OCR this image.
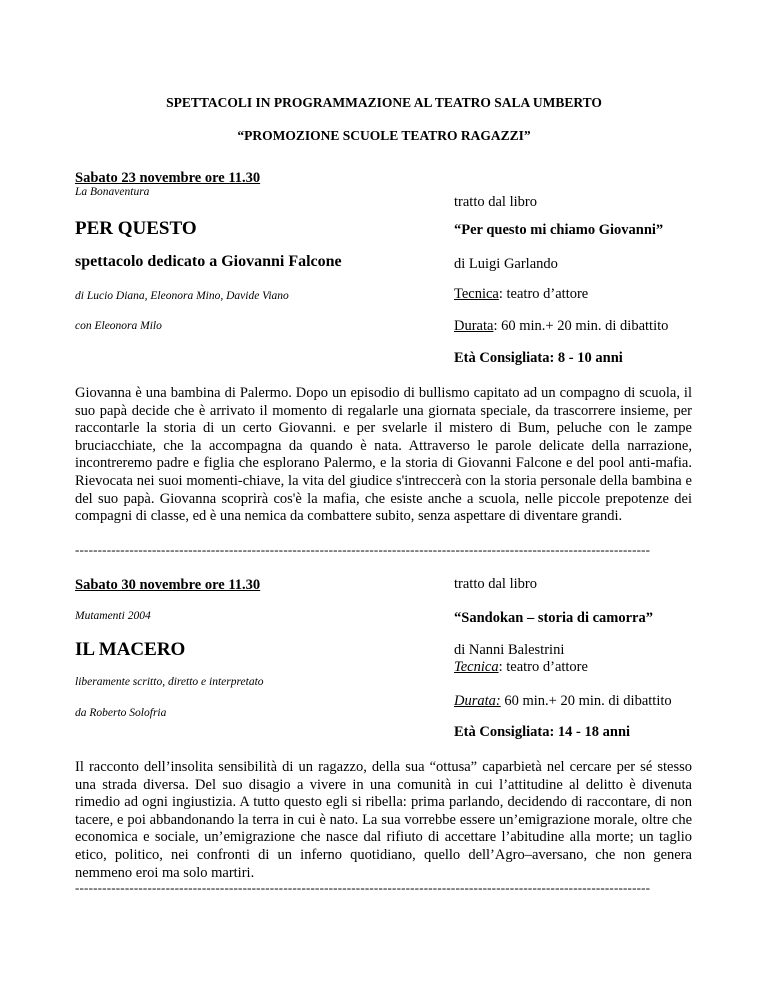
SPETTACOLI IN PROGRAMMAZIONE AL TEATRO SALA UMBERTO
“PROMOZIONE SCUOLE TEATRO RAGAZZI”
Sabato 23 novembre ore 11.30
La Bonaventura
PER QUESTO
spettacolo dedicato a Giovanni Falcone
di Lucio Diana, Eleonora Mino, Davide Viano
con Eleonora Milo
tratto dal libro
“Per questo mi chiamo Giovanni”
di Luigi Garlando
Tecnica: teatro d’attore
Durata: 60 min.+ 20 min. di dibattito
Età Consigliata: 8 - 10 anni
Giovanna è una bambina di Palermo. Dopo un episodio di bullismo capitato ad un compagno di scuola, il suo papà decide che è arrivato il momento di regalarle una giornata speciale, da trascorrere insieme, per raccontarle la storia di un certo Giovanni. e per svelarle il mistero di Bum, peluche con le zampe bruciacchiate, che la accompagna da quando è nata. Attraverso le parole delicate della narrazione, incontreremo padre e figlia che esplorano Palermo, e la storia di Giovanni Falcone e del pool anti-mafia. Rievocata nei suoi momenti-chiave, la vita del giudice s'intreccerà con la storia personale della bambina e del suo papà. Giovanna scoprirà cos'è la mafia, che esiste anche a scuola, nelle piccole prepotenze dei compagni di classe, ed è una nemica da combattere subito, senza aspettare di diventare grandi.
-------------------------------------------------------------------------------------------------------------------------------
Sabato 30 novembre ore 11.30
Mutamenti 2004
IL MACERO
liberamente scritto, diretto e interpretato
da Roberto Solofria
tratto dal libro
“Sandokan – storia di camorra”
di Nanni Balestrini
Tecnica: teatro d’attore
Durata: 60 min.+ 20 min. di dibattito
Età Consigliata: 14 - 18 anni
Il racconto dell’insolita sensibilità di un ragazzo, della sua “ottusa” caparbietà nel cercare per sé stesso una strada diversa. Del suo disagio a vivere in una comunità in cui l’attitudine al delitto è divenuta rimedio ad ogni ingiustizia. A tutto questo egli si ribella: prima parlando, decidendo di raccontare, di non tacere, e poi abbandonando la terra in cui è nato. La sua vorrebbe essere un’emigrazione morale, oltre che economica e sociale, un’emigrazione che nasce dal rifiuto di accettare l’abitudine alla morte; un taglio etico, politico, nei confronti di un inferno quotidiano, quello dell’Agro–aversano, che non genera nemmeno eroi ma solo martiri.
-------------------------------------------------------------------------------------------------------------------------------
